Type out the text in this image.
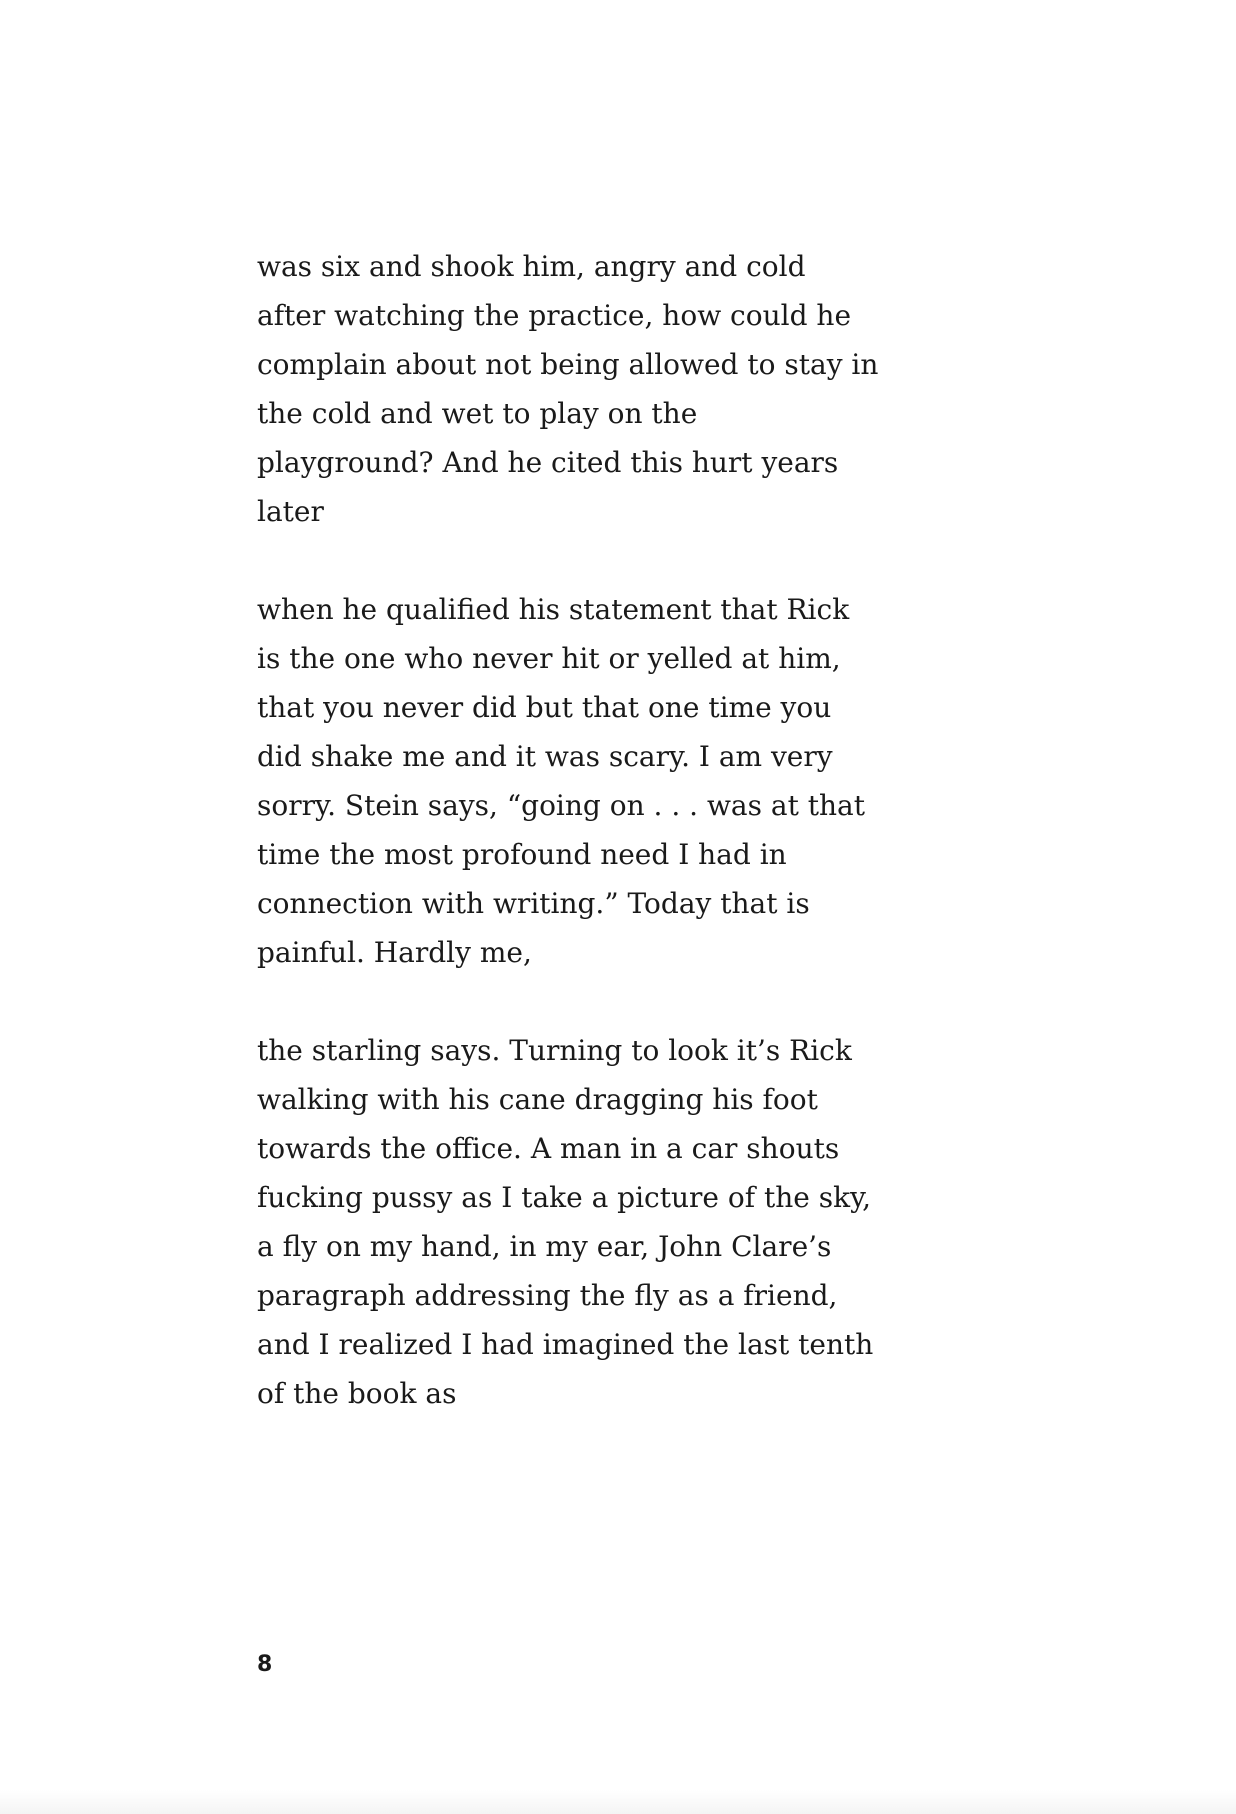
was six and shook him, angry and cold
after watching the practice, how could he
complain about not being allowed to stay in
the cold and wet to play on the
playground? And he cited this hurt years
later
when he qualified his statement that Rick
is the one who never hit or yelled at him,
that you never did but that one time you
did shake me and it was scary. I am very
sorry. Stein says, “going on . . . was at that
time the most profound need I had in
connection with writing.” Today that is
painful. Hardly me,
the starling says. Turning to look it’s Rick
walking with his cane dragging his foot
towards the office. A man in a car shouts
fucking pussy as I take a picture of the sky,
a fly on my hand, in my ear, John Clare’s
paragraph addressing the fly as a friend,
and I realized I had imagined the last tenth
of the book as
8
